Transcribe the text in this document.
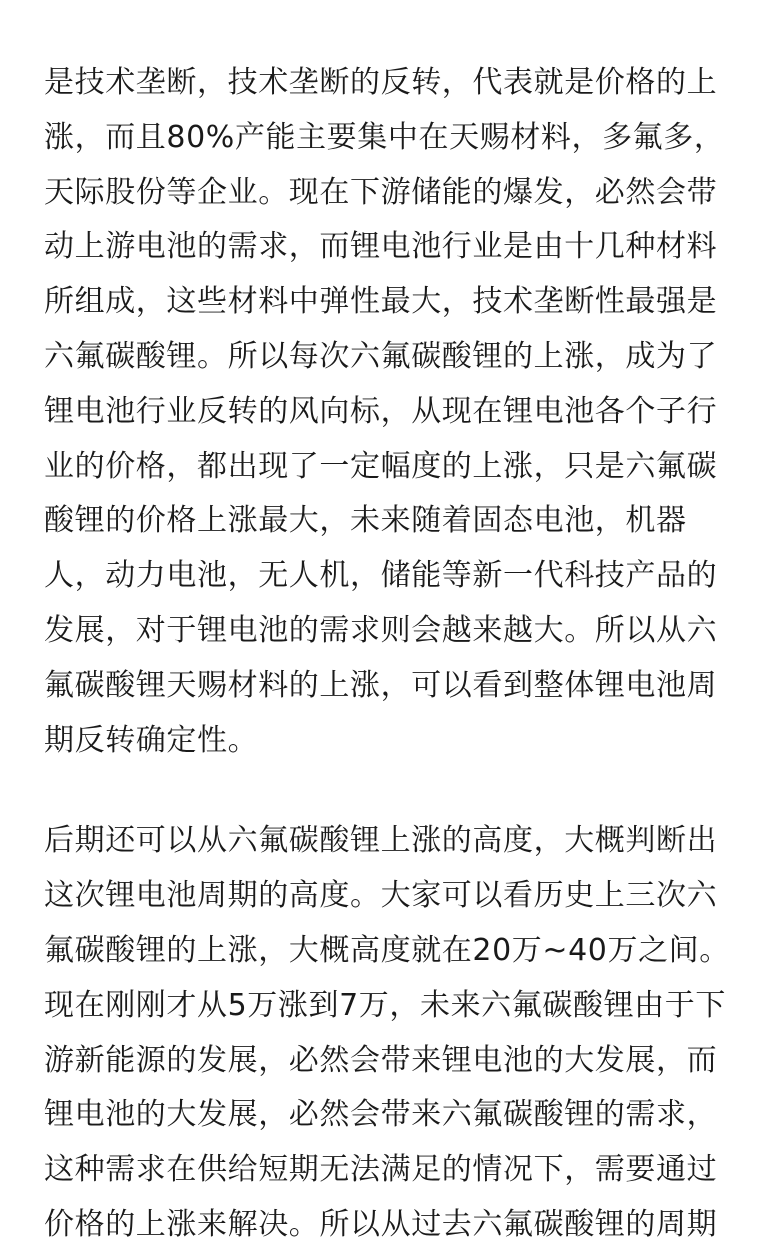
是技术垄断，技术垄断的反转，代表就是价格的上
涨，而且80%产能主要集中在天赐材料，多氟多，
天际股份等企业。现在下游储能的爆发，必然会带
动上游电池的需求，而锂电池行业是由十几种材料
所组成，这些材料中弹性最大，技术垄断性最强是
六氟碳酸锂。所以每次六氟碳酸锂的上涨，成为了
锂电池行业反转的风向标，从现在锂电池各个子行
业的价格，都出现了一定幅度的上涨，只是六氟碳
酸锂的价格上涨最大，未来随着固态电池，机器
人，动力电池，无人机，储能等新一代科技产品的
发展，对于锂电池的需求则会越来越大。所以从六
氟碳酸锂天赐材料的上涨，可以看到整体锂电池周
期反转确定性。

后期还可以从六氟碳酸锂上涨的高度，大概判断出
这次锂电池周期的高度。大家可以看历史上三次六
氟碳酸锂的上涨，大概高度就在20万~40万之间。
现在刚刚才从5万涨到7万，未来六氟碳酸锂由于下
游新能源的发展，必然会带来锂电池的大发展，而
锂电池的大发展，必然会带来六氟碳酸锂的需求，
这种需求在供给短期无法满足的情况下，需要通过
价格的上涨来解决。所以从过去六氟碳酸锂的周期
